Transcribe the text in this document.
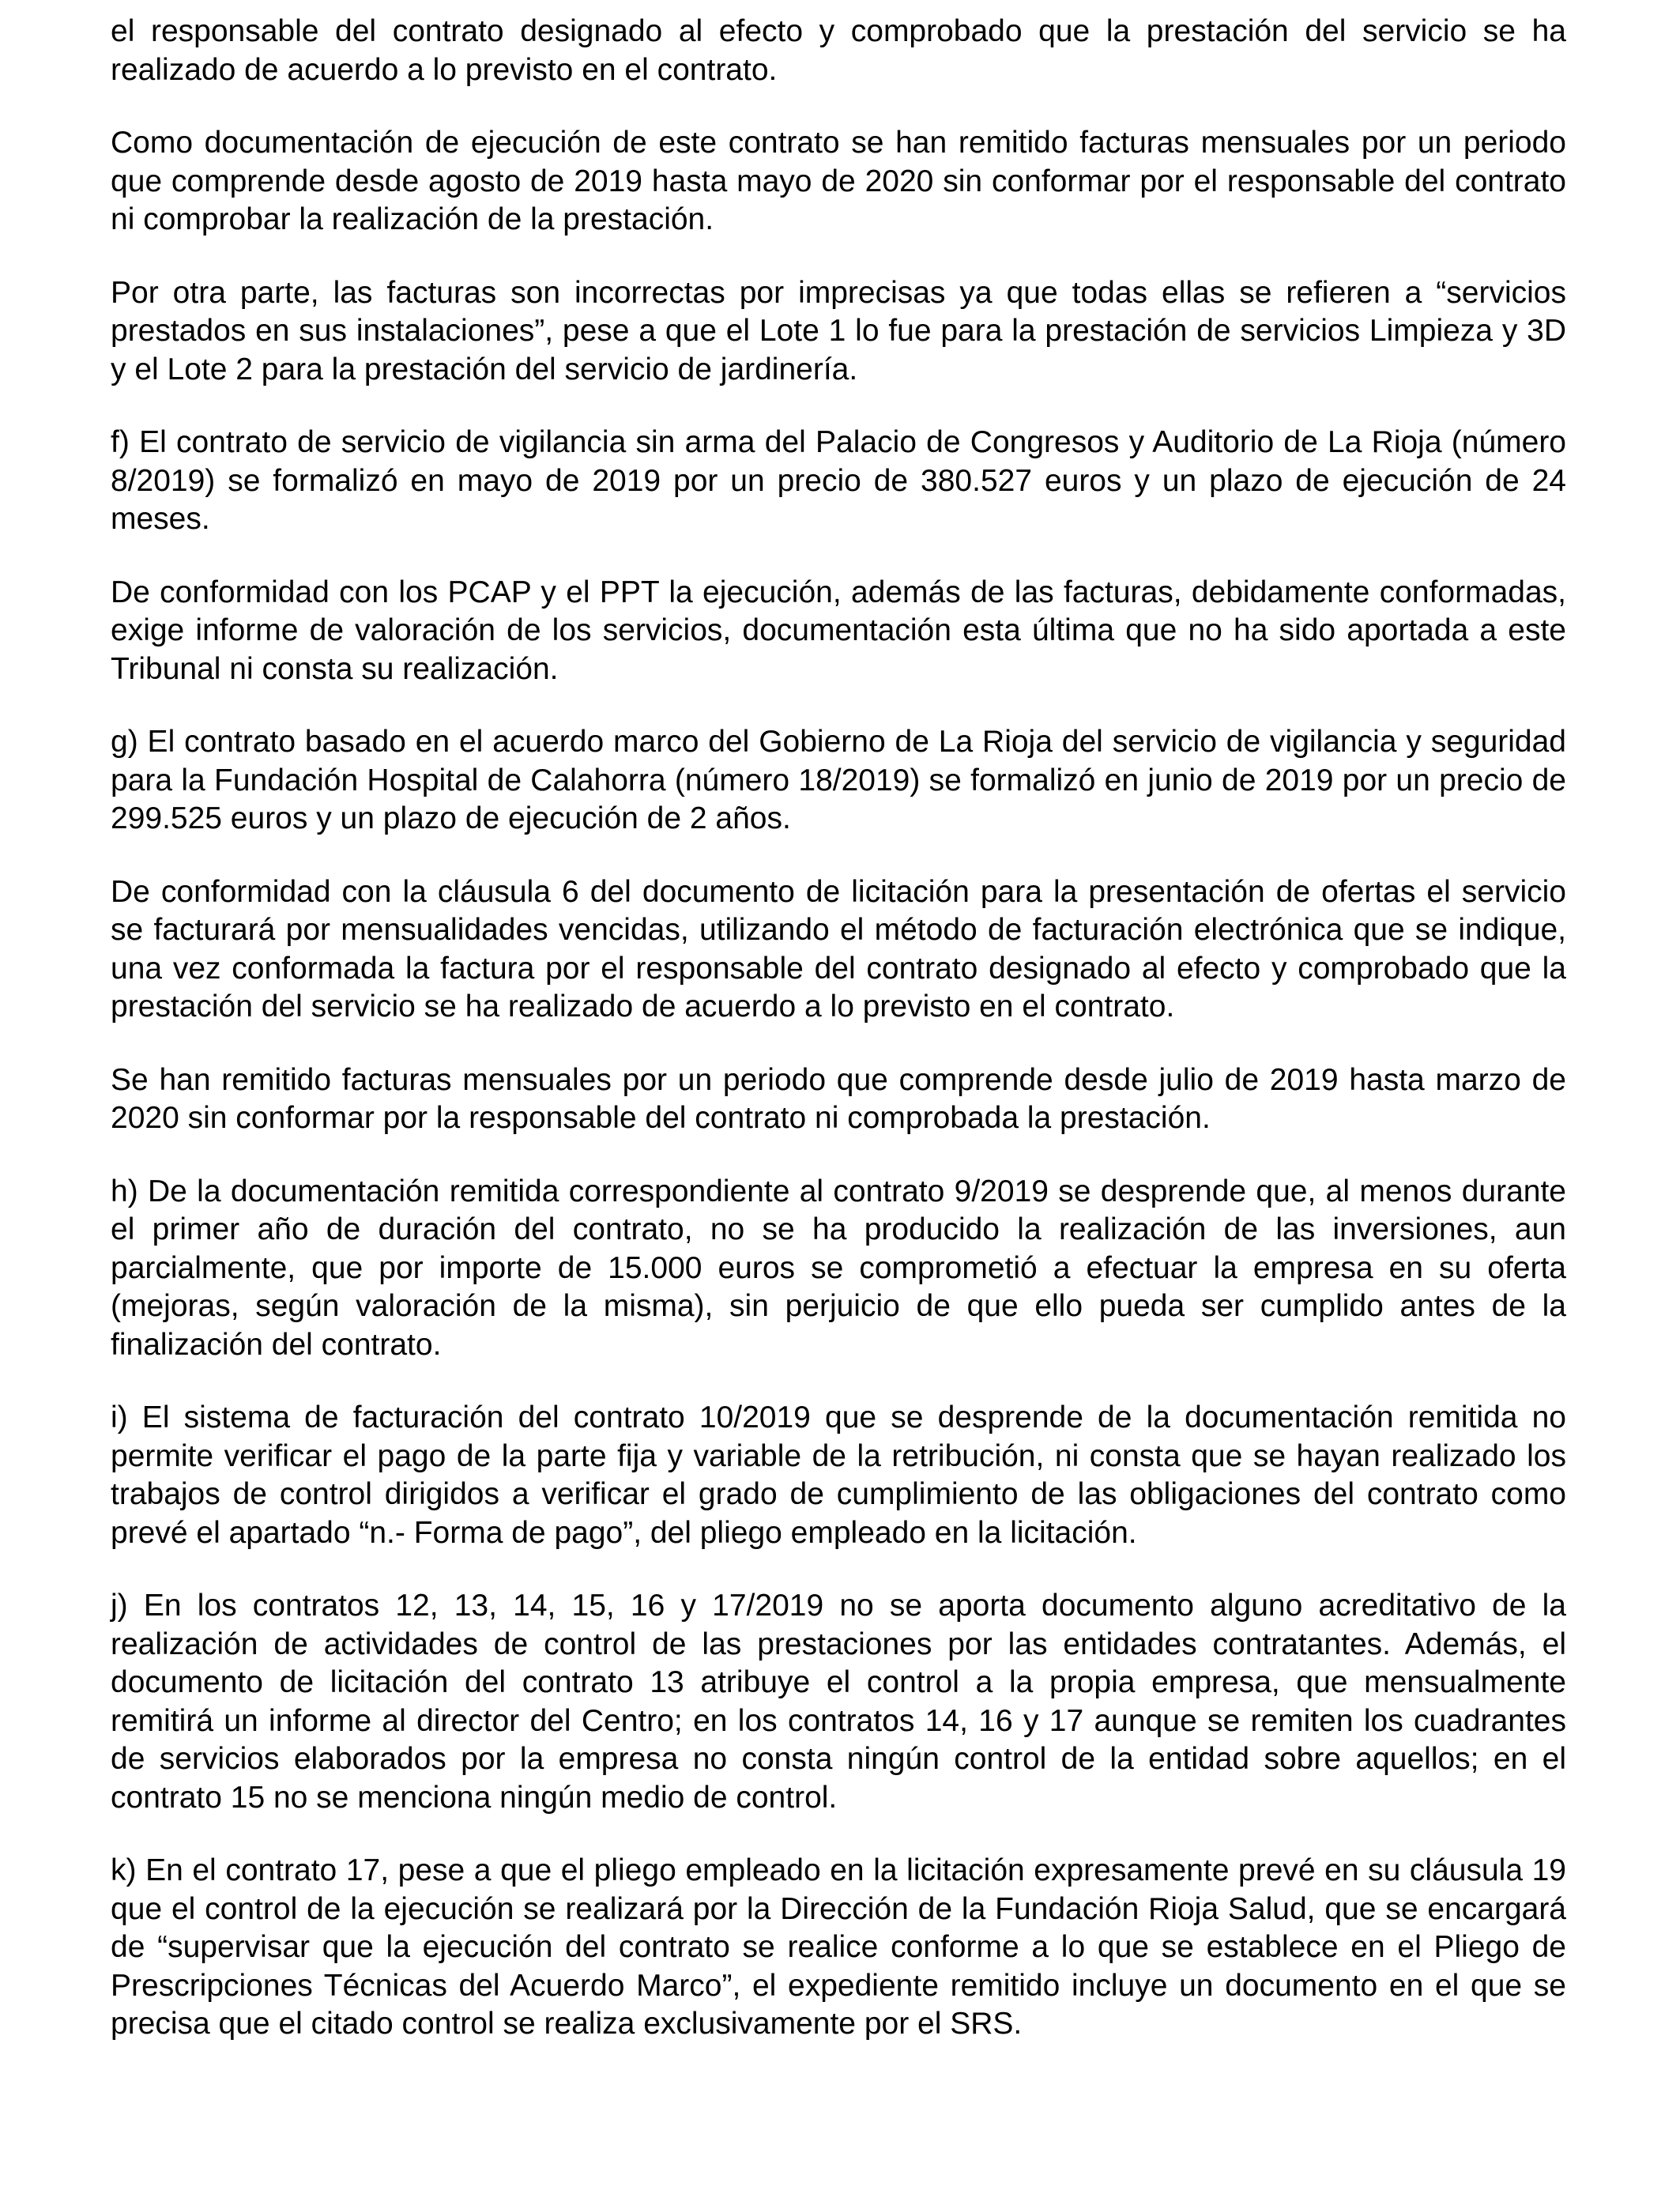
el responsable del contrato designado al efecto y comprobado que la prestación del servicio se ha realizado de acuerdo a lo previsto en el contrato.

Como documentación de ejecución de este contrato se han remitido facturas mensuales por un periodo que comprende desde agosto de 2019 hasta mayo de 2020 sin conformar por el responsable del contrato ni comprobar la realización de la prestación.

Por otra parte, las facturas son incorrectas por imprecisas ya que todas ellas se refieren a “servicios prestados en sus instalaciones”, pese a que el Lote 1 lo fue para la prestación de servicios Limpieza y 3D y el Lote 2 para la prestación del servicio de jardinería.

f) El contrato de servicio de vigilancia sin arma del Palacio de Congresos y Auditorio de La Rioja (número 8/2019) se formalizó en mayo de 2019 por un precio de 380.527 euros y un plazo de ejecución de 24 meses.

De conformidad con los PCAP y el PPT la ejecución, además de las facturas, debidamente conformadas, exige informe de valoración de los servicios, documentación esta última que no ha sido aportada a este Tribunal ni consta su realización.

g) El contrato basado en el acuerdo marco del Gobierno de La Rioja del servicio de vigilancia y seguridad para la Fundación Hospital de Calahorra (número 18/2019) se formalizó en junio de 2019 por un precio de 299.525 euros y un plazo de ejecución de 2 años.

De conformidad con la cláusula 6 del documento de licitación para la presentación de ofertas el servicio se facturará por mensualidades vencidas, utilizando el método de facturación electrónica que se indique, una vez conformada la factura por el responsable del contrato designado al efecto y comprobado que la prestación del servicio se ha realizado de acuerdo a lo previsto en el contrato.

Se han remitido facturas mensuales por un periodo que comprende desde julio de 2019 hasta marzo de 2020 sin conformar por la responsable del contrato ni comprobada la prestación.

h) De la documentación remitida correspondiente al contrato 9/2019 se desprende que, al menos durante el primer año de duración del contrato, no se ha producido la realización de las inversiones, aun parcialmente, que por importe de 15.000 euros se comprometió a efectuar la empresa en su oferta (mejoras, según valoración de la misma), sin perjuicio de que ello pueda ser cumplido antes de la finalización del contrato.

i) El sistema de facturación del contrato 10/2019 que se desprende de la documentación remitida no permite verificar el pago de la parte fija y variable de la retribución, ni consta que se hayan realizado los trabajos de control dirigidos a verificar el grado de cumplimiento de las obligaciones del contrato como prevé el apartado “n.- Forma de pago”, del pliego empleado en la licitación.

j) En los contratos 12, 13, 14, 15, 16 y 17/2019 no se aporta documento alguno acreditativo de la realización de actividades de control de las prestaciones por las entidades contratantes. Además, el documento de licitación del contrato 13 atribuye el control a la propia empresa, que mensualmente remitirá un informe al director del Centro; en los contratos 14, 16 y 17 aunque se remiten los cuadrantes de servicios elaborados por la empresa no consta ningún control de la entidad sobre aquellos; en el contrato 15 no se menciona ningún medio de control.

k) En el contrato 17, pese a que el pliego empleado en la licitación expresamente prevé en su cláusula 19 que el control de la ejecución se realizará por la Dirección de la Fundación Rioja Salud, que se encargará de “supervisar que la ejecución del contrato se realice conforme a lo que se establece en el Pliego de Prescripciones Técnicas del Acuerdo Marco”, el expediente remitido incluye un documento en el que se precisa que el citado control se realiza exclusivamente por el SRS.
